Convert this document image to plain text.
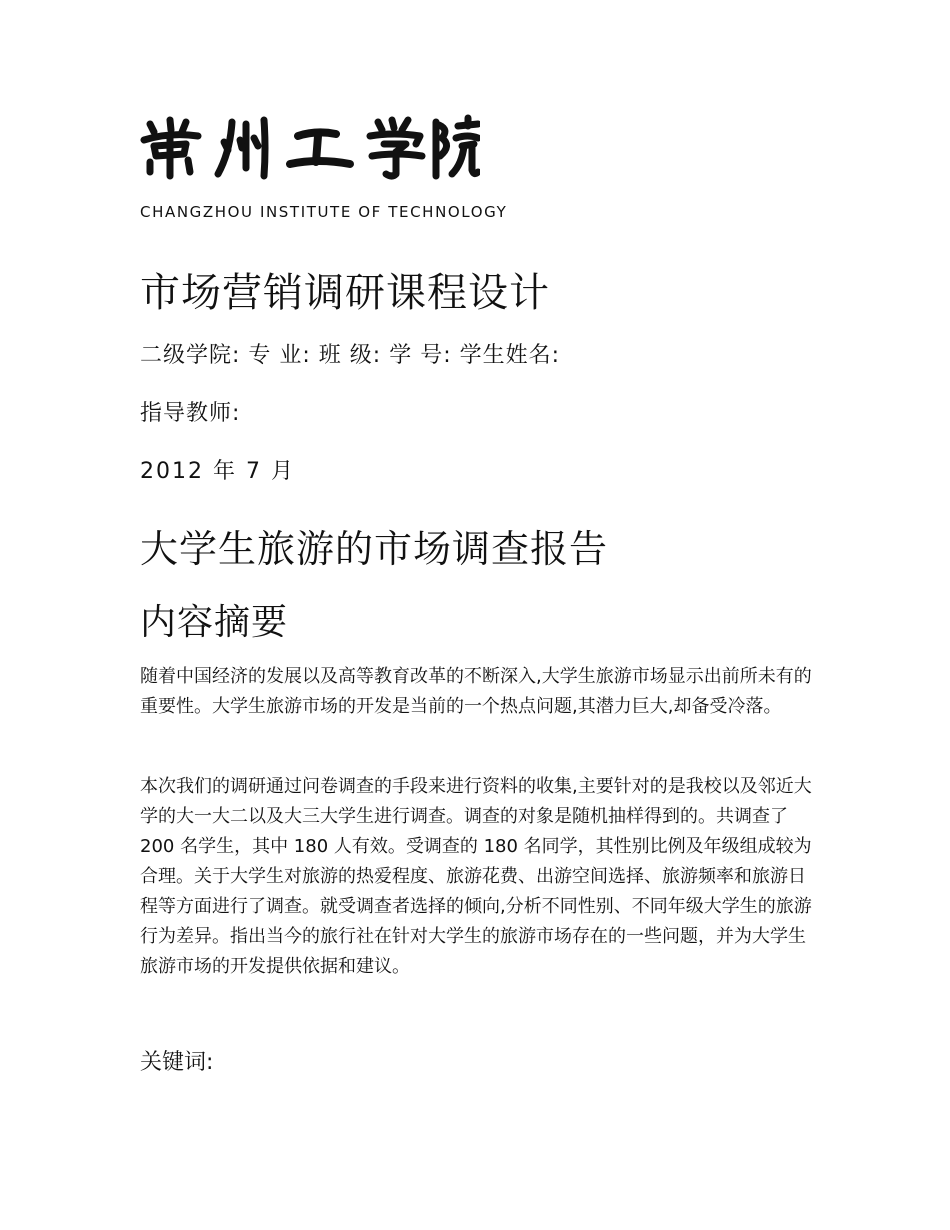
CHANGZHOU INSTITUTE OF TECHNOLOGY
市场营销调研课程设计
二级学院: 专 业: 班 级: 学 号: 学生姓名:
指导教师:
2012 年 7 月
大学生旅游的市场调查报告
内容摘要

随着中国经济的发展以及高等教育改革的不断深入,大学生旅游市场显示出前所未有的重要性。大学生旅游市场的开发是当前的一个热点问题,其潜力巨大,却备受冷落。

本次我们的调研通过问卷调查的手段来进行资料的收集,主要针对的是我校以及邻近大学的大一大二以及大三大学生进行调查。调查的对象是随机抽样得到的。共调查了 200 名学生，其中 180 人有效。受调查的 180 名同学，其性别比例及年级组成较为合理。关于大学生对旅游的热爱程度、旅游花费、出游空间选择、旅游频率和旅游日程等方面进行了调查。就受调查者选择的倾向,分析不同性别、不同年级大学生的旅游行为差异。指出当今的旅行社在针对大学生的旅游市场存在的一些问题，并为大学生旅游市场的开发提供依据和建议。

关键词:
